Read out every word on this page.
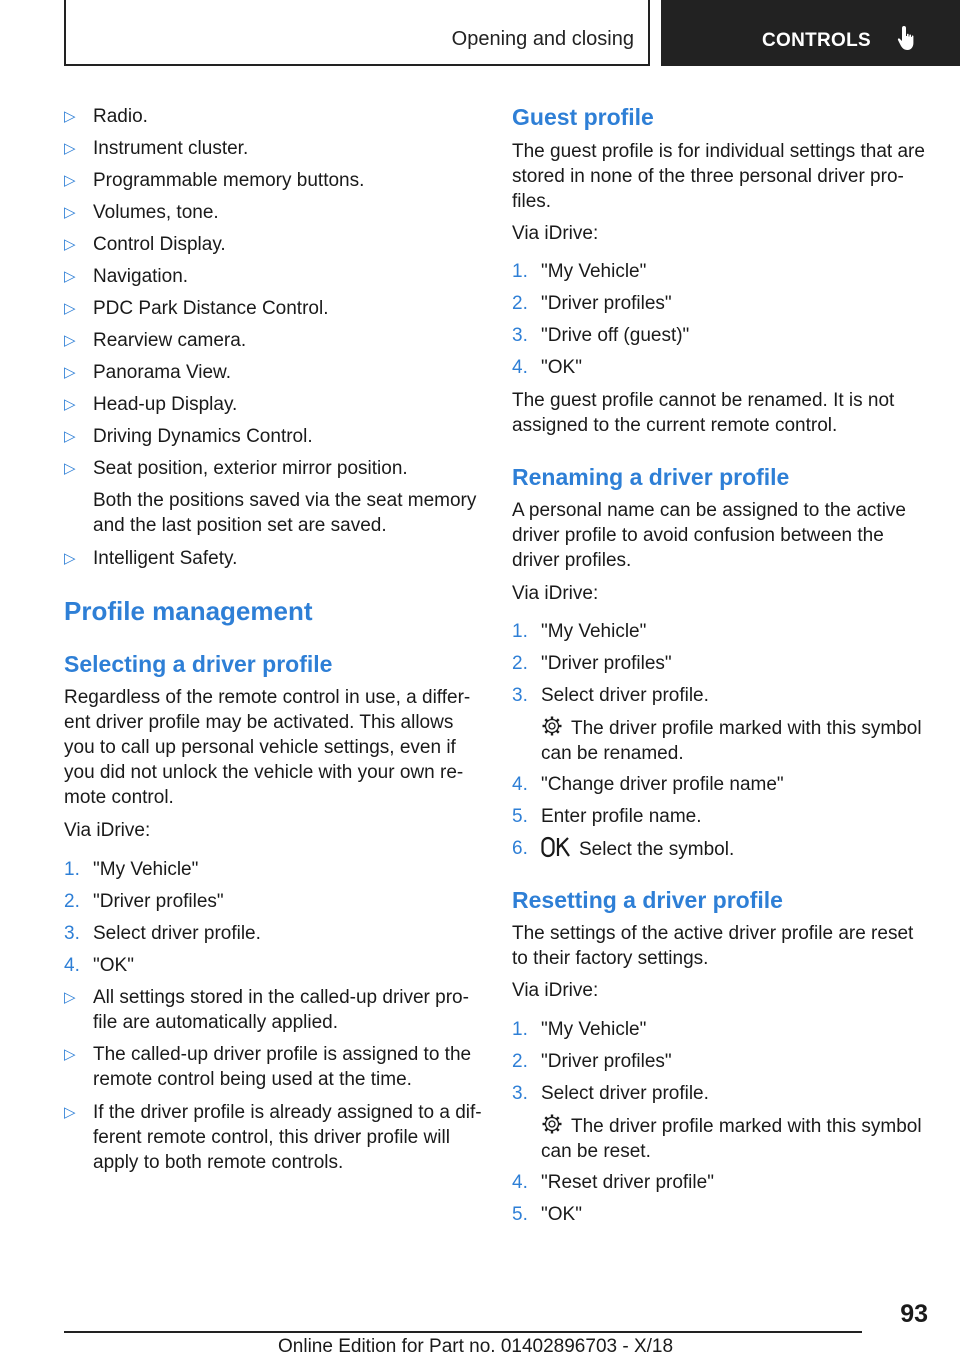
Opening and closing	CONTROLS
▷ Radio.
▷ Instrument cluster.
▷ Programmable memory buttons.
▷ Volumes, tone.
▷ Control Display.
▷ Navigation.
▷ PDC Park Distance Control.
▷ Rearview camera.
▷ Panorama View.
▷ Head-up Display.
▷ Driving Dynamics Control.
▷ Seat position, exterior mirror position.
Both the positions saved via the seat memory and the last position set are saved.
▷ Intelligent Safety.
Profile management
Selecting a driver profile
Regardless of the remote control in use, a differ-ent driver profile may be activated. This allows you to call up personal vehicle settings, even if you did not unlock the vehicle with your own re-mote control.
Via iDrive:
1. "My Vehicle"
2. "Driver profiles"
3. Select driver profile.
4. "OK"
▷ All settings stored in the called-up driver pro-file are automatically applied.
▷ The called-up driver profile is assigned to the remote control being used at the time.
▷ If the driver profile is already assigned to a dif-ferent remote control, this driver profile will apply to both remote controls.
Guest profile
The guest profile is for individual settings that are stored in none of the three personal driver pro-files.
Via iDrive:
1. "My Vehicle"
2. "Driver profiles"
3. "Drive off (guest)"
4. "OK"
The guest profile cannot be renamed. It is not assigned to the current remote control.
Renaming a driver profile
A personal name can be assigned to the active driver profile to avoid confusion between the driver profiles.
Via iDrive:
1. "My Vehicle"
2. "Driver profiles"
3. Select driver profile.
The driver profile marked with this symbol can be renamed.
4. "Change driver profile name"
5. Enter profile name.
6.	Select the symbol.
Resetting a driver profile
The settings of the active driver profile are reset to their factory settings.
Via iDrive:
1. "My Vehicle"
2. "Driver profiles"
3. Select driver profile.
The driver profile marked with this symbol can be reset.
4. "Reset driver profile"
5. "OK"
93
Online Edition for Part no. 01402896703 - X/18
